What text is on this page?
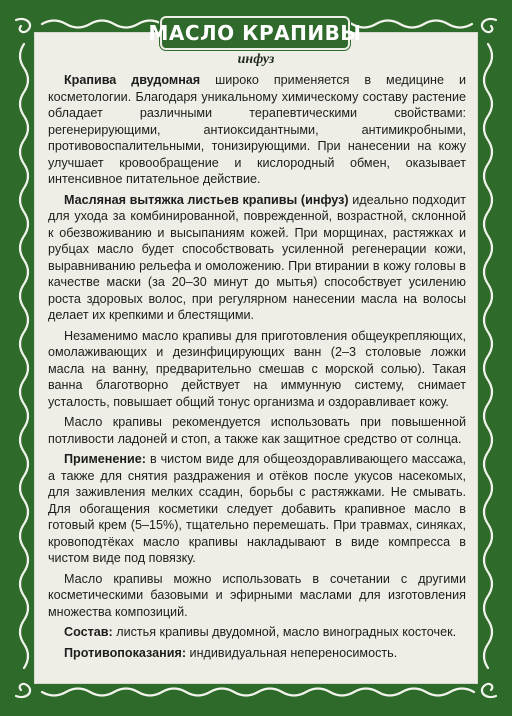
МАСЛО КРАПИВЫ
инфуз

Крапива двудомная широко применяется в медицине и косметологии. Благодаря уникальному химическому составу растение обладает различными терапевтическими свойствами: регенерирующими, антиоксидантными, антимикробными, противовоспалительными, тонизирующими. При нанесении на кожу улучшает кровообращение и кислородный обмен, оказывает интенсивное питательное действие.

Масляная вытяжка листьев крапивы (инфуз) идеально подходит для ухода за комбинированной, поврежденной, возрастной, склонной к обезвоживанию и высыпаниям кожей. При морщинах, растяжках и рубцах масло будет способствовать усиленной регенерации кожи, выравниванию рельефа и омоложению. При втирании в кожу головы в качестве маски (за 20–30 минут до мытья) способствует усилению роста здоровых волос, при регулярном нанесении масла на волосы делает их крепкими и блестящими.

Незаменимо масло крапивы для приготовления общеукрепляющих, омолаживающих и дезинфицирующих ванн (2–3 столовые ложки масла на ванну, предварительно смешав с морской солью). Такая ванна благотворно действует на иммунную систему, снимает усталость, повышает общий тонус организма и оздоравливает кожу.

Масло крапивы рекомендуется использовать при повышенной потливости ладоней и стоп, а также как защитное средство от солнца.

Применение: в чистом виде для общеоздоравливающего массажа, а также для снятия раздражения и отёков после укусов насекомых, для заживления мелких ссадин, борьбы с растяжками. Не смывать. Для обогащения косметики следует добавить крапивное масло в готовый крем (5–15%), тщательно перемешать. При травмах, синяках, кровоподтёках масло крапивы накладывают в виде компресса в чистом виде под повязку.

Масло крапивы можно использовать в сочетании с другими косметическими базовыми и эфирными маслами для изготовления множества композиций.

Состав: листья крапивы двудомной, масло виноградных косточек.

Противопоказания: индивидуальная непереносимость.
